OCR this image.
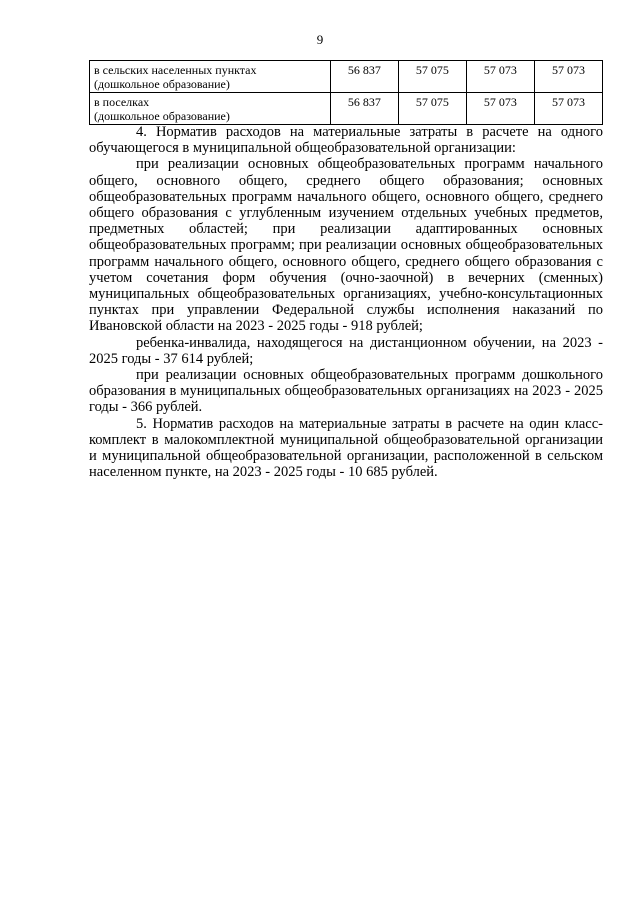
9
в сельских населенных пунктах
(дошкольное образование)	56 837	57 075	57 073	57 073

в поселках
(дошкольное образование)	56 837	57 075	57 073	57 073

4. Норматив расходов на материальные затраты в расчете на одного обучающегося в муниципальной общеобразовательной организации:

при реализации основных общеобразовательных программ начального общего, основного общего, среднего общего образования; основных общеобразовательных программ начального общего, основного общего, среднего общего образования с углубленным изучением отдельных учебных предметов, предметных областей; при реализации адаптированных основных общеобразовательных программ; при реализации основных общеобразовательных программ начального общего, основного общего, среднего общего образования с учетом сочетания форм обучения (очно-заочной) в вечерних (сменных) муниципальных общеобразовательных организациях, учебно-консультационных пунктах при управлении Федеральной службы исполнения наказаний по Ивановской области на 2023 - 2025 годы - 918 рублей;

ребенка-инвалида, находящегося на дистанционном обучении, на 2023 - 2025 годы - 37 614 рублей;

при реализации основных общеобразовательных программ дошкольного образования в муниципальных общеобразовательных организациях на 2023 - 2025 годы - 366 рублей.

5. Норматив расходов на материальные затраты в расчете на один класс-комплект в малокомплектной муниципальной общеобразовательной организации и муниципальной общеобразовательной организации, расположенной в сельском населенном пункте, на 2023 - 2025 годы - 10 685 рублей.
